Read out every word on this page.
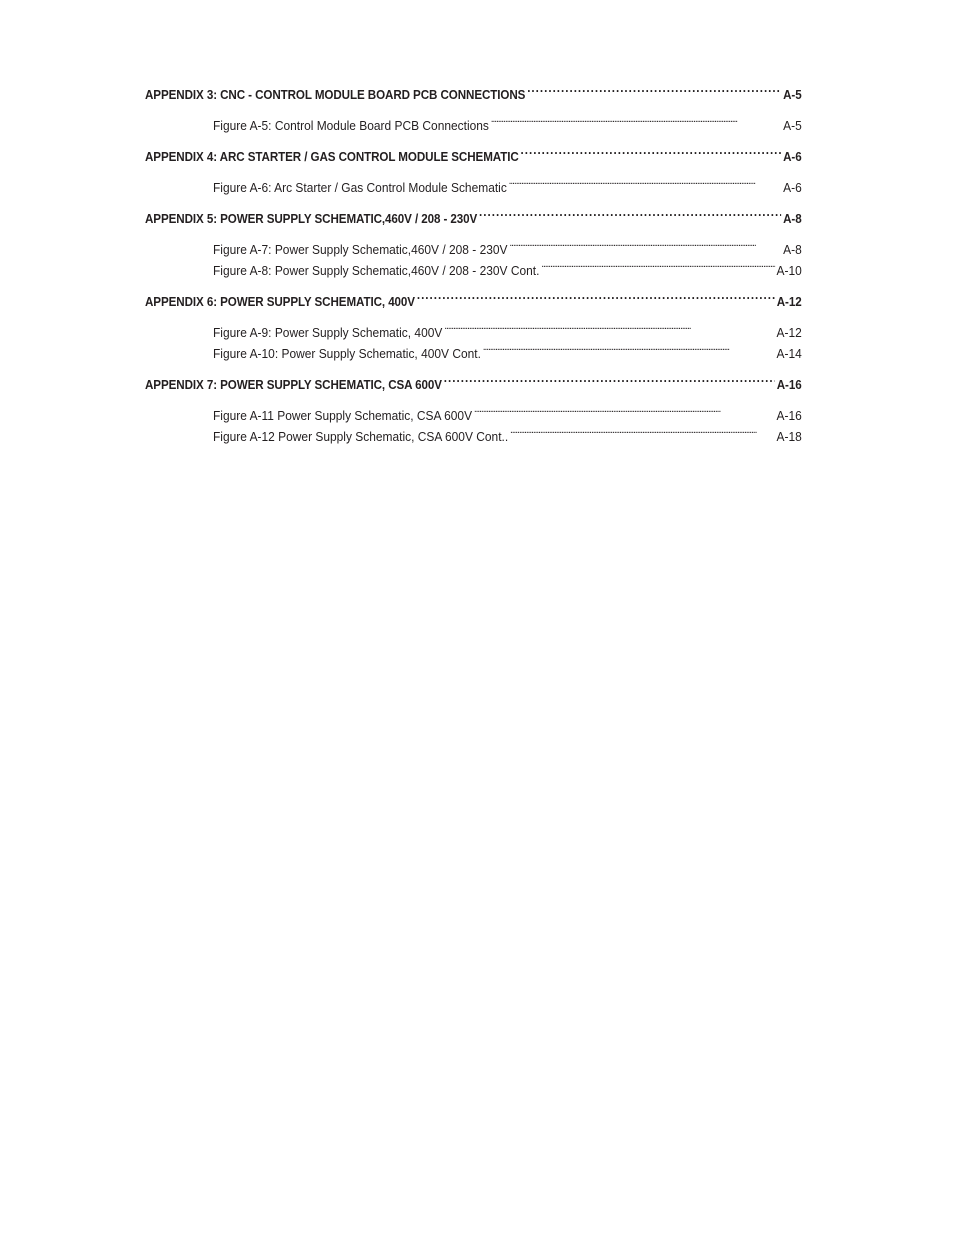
APPENDIX 3: CNC - CONTROL MODULE BOARD PCB CONNECTIONS . . .	A-5
Figure A-5: Control Module Board PCB Connections . . .	A-5
APPENDIX 4: ARC STARTER / GAS CONTROL MODULE SCHEMATIC . . .	A-6
Figure A-6: Arc Starter / Gas Control Module Schematic . . .	A-6
APPENDIX 5: POWER SUPPLY SCHEMATIC,460V / 208 - 230V . . .	A-8
Figure A-7: Power Supply Schematic,460V / 208 - 230V . . .	A-8
Figure A-8: Power Supply Schematic,460V / 208 - 230V Cont. . . .	A-10
APPENDIX 6: POWER SUPPLY SCHEMATIC, 400V . . .	A-12
Figure A-9: Power Supply Schematic, 400V . . .	A-12
Figure A-10: Power Supply Schematic, 400V Cont. . . .	A-14
APPENDIX 7: POWER SUPPLY SCHEMATIC, CSA 600V . . .	A-16
Figure A-11 Power Supply Schematic, CSA 600V . . .	A-16
Figure A-12 Power Supply Schematic, CSA 600V Cont.. . . .	A-18
